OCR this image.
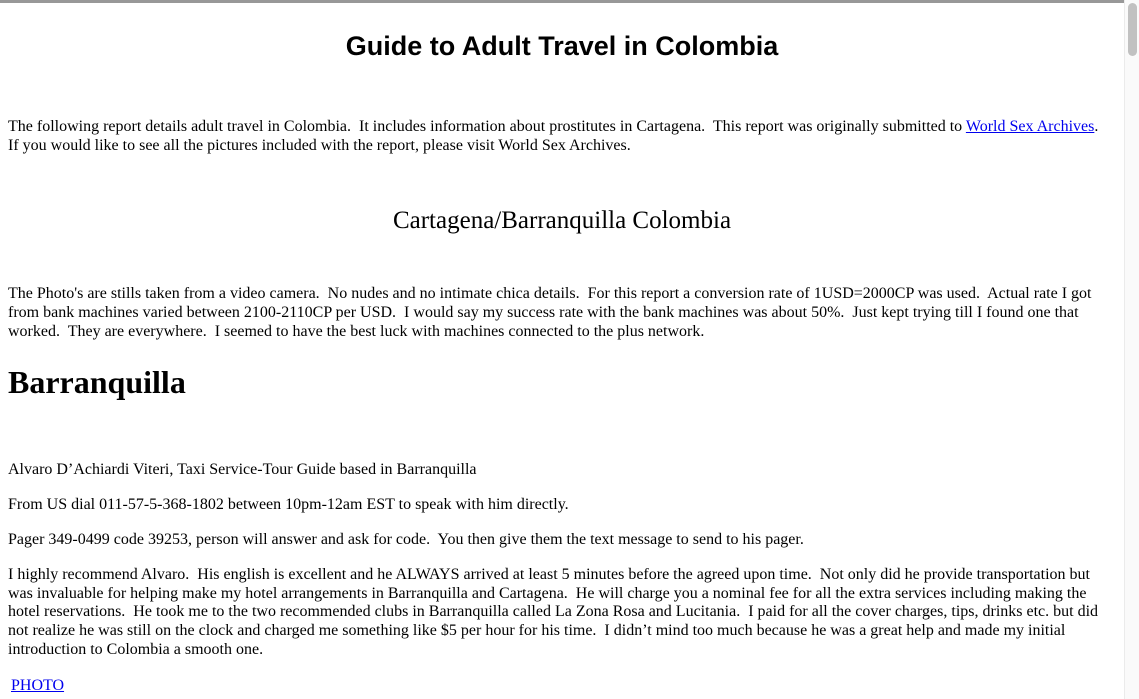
Guide to Adult Travel in Colombia

The following report details adult travel in Colombia.  It includes information about prostitutes in Cartagena.  This report was originally submitted to World Sex Archives.  If you would like to see all the pictures included with the report, please visit World Sex Archives.

Cartagena/Barranquilla Colombia

The Photo's are stills taken from a video camera.  No nudes and no intimate chica details.  For this report a conversion rate of 1USD=2000CP was used.  Actual rate I got from bank machines varied between 2100-2110CP per USD.  I would say my success rate with the bank machines was about 50%.  Just kept trying till I found one that worked.  They are everywhere.  I seemed to have the best luck with machines connected to the plus network.

Barranquilla

Alvaro D’Achiardi Viteri, Taxi Service-Tour Guide based in Barranquilla

From US dial 011-57-5-368-1802 between 10pm-12am EST to speak with him directly.

Pager 349-0499 code 39253, person will answer and ask for code.  You then give them the text message to send to his pager.

I highly recommend Alvaro.  His english is excellent and he ALWAYS arrived at least 5 minutes before the agreed upon time.  Not only did he provide transportation but was invaluable for helping make my hotel arrangements in Barranquilla and Cartagena.  He will charge you a nominal fee for all the extra services including making the hotel reservations.  He took me to the two recommended clubs in Barranquilla called La Zona Rosa and Lucitania.  I paid for all the cover charges, tips, drinks etc. but did not realize he was still on the clock and charged me something like $5 per hour for his time.  I didn’t mind too much because he was a great help and made my initial introduction to Colombia a smooth one.

PHOTO
